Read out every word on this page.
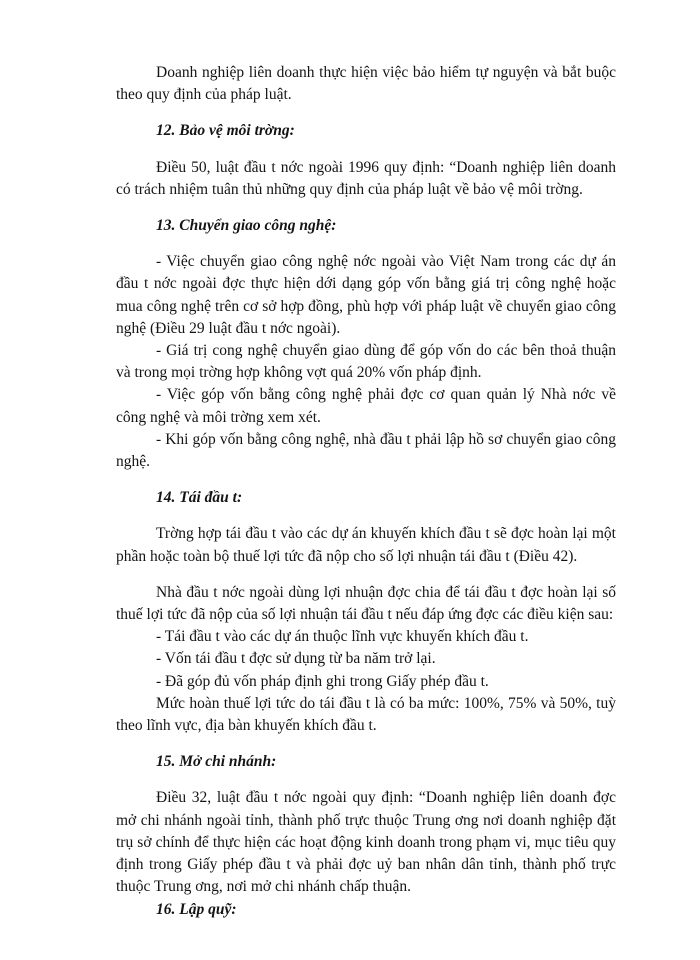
Doanh nghiệp liên doanh thực hiện việc bảo hiểm tự nguyện và bắt buộc theo quy định của pháp luật.

12. Bảo vệ môi trờng:

Điều 50, luật đầu t nớc ngoài 1996 quy định: “Doanh nghiệp liên doanh có trách nhiệm tuân thủ những quy định của pháp luật về bảo vệ môi trờng.

13. Chuyển giao công nghệ:

- Việc chuyển giao công nghệ nớc ngoài vào Việt Nam trong các dự án đầu t nớc ngoài đợc thực hiện dới dạng góp vốn bằng giá trị công nghệ hoặc mua công nghệ trên cơ sở hợp đồng, phù hợp với pháp luật về chuyển giao công nghệ (Điều 29 luật đầu t nớc ngoài).

- Giá trị cong nghệ chuyển giao dùng để góp vốn do các bên thoả thuận và trong mọi trờng hợp không vợt quá 20% vốn pháp định.

- Việc góp vốn bằng công nghệ phải đợc cơ quan quản lý Nhà nớc về công nghệ và môi trờng xem xét.

- Khi góp vốn bằng công nghệ, nhà đầu t phải lập hồ sơ chuyển giao công nghệ.

14. Tái đầu t:

Trờng hợp tái đầu t vào các dự án khuyến khích đầu t sẽ đợc hoàn lại một phần hoặc toàn bộ thuế lợi tức đã nộp cho số lợi nhuận tái đầu t (Điều 42).

Nhà đầu t nớc ngoài dùng lợi nhuận đợc chia để tái đầu t đợc hoàn lại số thuế lợi tức đã nộp của số lợi nhuận tái đầu t nếu đáp ứng đợc các điều kiện sau:

- Tái đầu t vào các dự án thuộc lĩnh vực khuyến khích đầu t.

- Vốn tái đầu t đợc sử dụng từ ba năm trở lại.

- Đã góp đủ vốn pháp định ghi trong Giấy phép đầu t.

Mức hoàn thuế lợi tức do tái đầu t là có ba mức: 100%, 75% và 50%, tuỳ theo lĩnh vực, địa bàn khuyến khích đầu t.

15. Mở chi nhánh:

Điều 32, luật đầu t nớc ngoài quy định: “Doanh nghiệp liên doanh đợc mở chi nhánh ngoài tỉnh, thành phố trực thuộc Trung ơng nơi doanh nghiệp đặt trụ sở chính để thực hiện các hoạt động kinh doanh trong phạm vi, mục tiêu quy định trong Giấy phép đầu t và phải đợc uỷ ban nhân dân tỉnh, thành phố trực thuộc Trung ơng, nơi mở chi nhánh chấp thuận.

16. Lập quỹ:
